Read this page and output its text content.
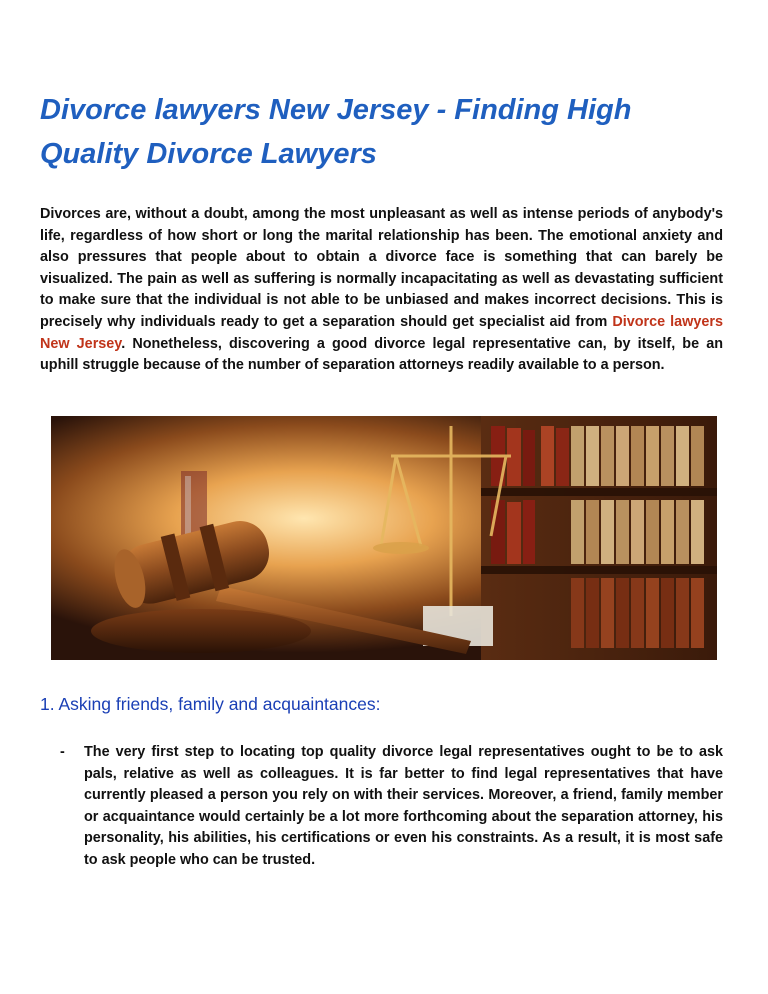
Divorce lawyers New Jersey - Finding High Quality Divorce Lawyers

Divorces are, without a doubt, among the most unpleasant as well as intense periods of anybody's life, regardless of how short or long the marital relationship has been. The emotional anxiety and also pressures that people about to obtain a divorce face is something that can barely be visualized. The pain as well as suffering is normally incapacitating as well as devastating sufficient to make sure that the individual is not able to be unbiased and makes incorrect decisions. This is precisely why individuals ready to get a separation should get specialist aid from Divorce lawyers New Jersey. Nonetheless, discovering a good divorce legal representative can, by itself, be an uphill struggle because of the number of separation attorneys readily available to a person.

1. Asking friends, family and acquaintances:
- The very first step to locating top quality divorce legal representatives ought to be to ask pals, relative as well as colleagues. It is far better to find legal representatives that have currently pleased a person you rely on with their services. Moreover, a friend, family member or acquaintance would certainly be a lot more forthcoming about the separation attorney, his personality, his abilities, his certifications or even his constraints. As a result, it is most safe to ask people who can be trusted.
